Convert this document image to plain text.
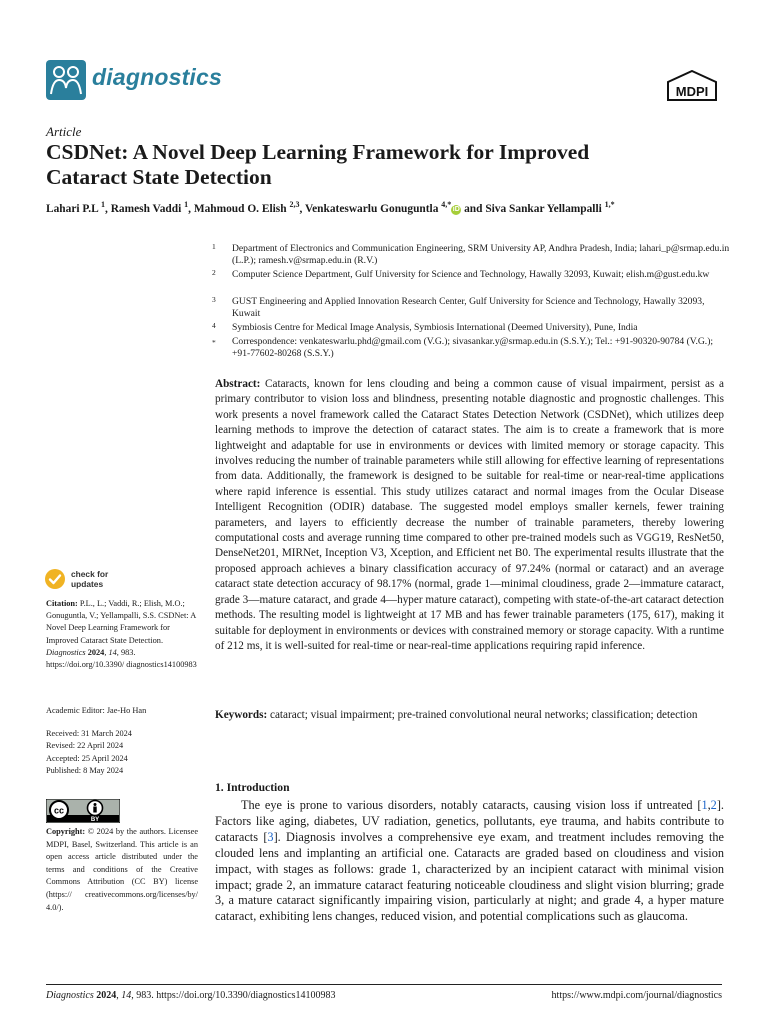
diagnostics
MDPI
Article
CSDNet: A Novel Deep Learning Framework for Improved
Cataract State Detection
Lahari P.L $^1$, Ramesh Vaddi $^1$, Mahmoud O. Elish $^{2,3}$, Venkateswarlu Gonuguntla $^{4,*}$iD and Siva Sankar Yellampalli $^{1,*}$
1 Department of Electronics and Communication Engineering, SRM University AP, Andhra Pradesh, India; lahari_p@srmap.edu.in (L.P.); ramesh.v@srmap.edu.in (R.V.)
2 Computer Science Department, Gulf University for Science and Technology, Hawally 32093, Kuwait; elish.m@gust.edu.kw
3 GUST Engineering and Applied Innovation Research Center, Gulf University for Science and Technology, Hawally 32093, Kuwait
4 Symbiosis Centre for Medical Image Analysis, Symbiosis International (Deemed University), Pune, India
* Correspondence: venkateswarlu.phd@gmail.com (V.G.); sivasankar.y@srmap.edu.in (S.S.Y.); Tel.: +91-90320-90784 (V.G.); +91-77602-80268 (S.S.Y.)
Abstract: Cataracts, known for lens clouding and being a common cause of visual impairment, persist as a primary contributor to vision loss and blindness, presenting notable diagnostic and prognostic challenges. This work presents a novel framework called the Cataract States Detection Network (CSDNet), which utilizes deep learning methods to improve the detection of cataract states. The aim is to create a framework that is more lightweight and adaptable for use in environments or devices with limited memory or storage capacity. This involves reducing the number of trainable parameters while still allowing for effective learning of representations from data. Additionally, the framework is designed to be suitable for real-time or near-real-time applications where rapid inference is essential. This study utilizes cataract and normal images from the Ocular Disease Intelligent Recognition (ODIR) database. The suggested model employs smaller kernels, fewer training parameters, and layers to efficiently decrease the number of trainable parameters, thereby lowering computational costs and average running time compared to other pre-trained models such as VGG19, ResNet50, DenseNet201, MIRNet, Inception V3, Xception, and Efficient net B0. The experimental results illustrate that the proposed approach achieves a binary classification accuracy of 97.24% (normal or cataract) and an average cataract state detection accuracy of 98.17% (normal, grade 1—minimal cloudiness, grade 2—immature cataract, grade 3—mature cataract, and grade 4—hyper mature cataract), competing with state-of-the-art cataract detection methods. The resulting model is lightweight at 17 MB and has fewer trainable parameters (175, 617), making it suitable for deployment in environments or devices with constrained memory or storage capacity. With a runtime of 212 ms, it is well-suited for real-time or near-real-time applications requiring rapid inference.
Keywords: cataract; visual impairment; pre-trained convolutional neural networks; classification; detection
1. Introduction
The eye is prone to various disorders, notably cataracts, causing vision loss if untreated [1,2]. Factors like aging, diabetes, UV radiation, genetics, pollutants, eye trauma, and habits contribute to cataracts [3]. Diagnosis involves a comprehensive eye exam, and treatment includes removing the clouded lens and implanting an artificial one. Cataracts are graded based on cloudiness and vision impact, with stages as follows: grade 1, characterized by an incipient cataract with minimal vision impact; grade 2, an immature cataract featuring noticeable cloudiness and slight vision blurring; grade 3, a mature cataract significantly impairing vision, particularly at night; and grade 4, a hyper mature cataract, exhibiting lens changes, reduced vision, and potential complications such as glaucoma.
check for
updates
Citation: P.L., L.; Vaddi, R.; Elish, M.O.; Gonuguntla, V.; Yellampalli, S.S. CSDNet: A Novel Deep Learning Framework for Improved Cataract State Detection. Diagnostics 2024, 14, 983. https://doi.org/10.3390/ diagnostics14100983
Academic Editor: Jae-Ho Han
Received: 31 March 2024
Revised: 22 April 2024
Accepted: 25 April 2024
Published: 8 May 2024
cc
BY
Copyright: © 2024 by the authors. Licensee MDPI, Basel, Switzerland. This article is an open access article distributed under the terms and conditions of the Creative Commons Attribution (CC BY) license (https:// creativecommons.org/licenses/by/ 4.0/).
Diagnostics 2024, 14, 983. https://doi.org/10.3390/diagnostics14100983	https://www.mdpi.com/journal/diagnostics
